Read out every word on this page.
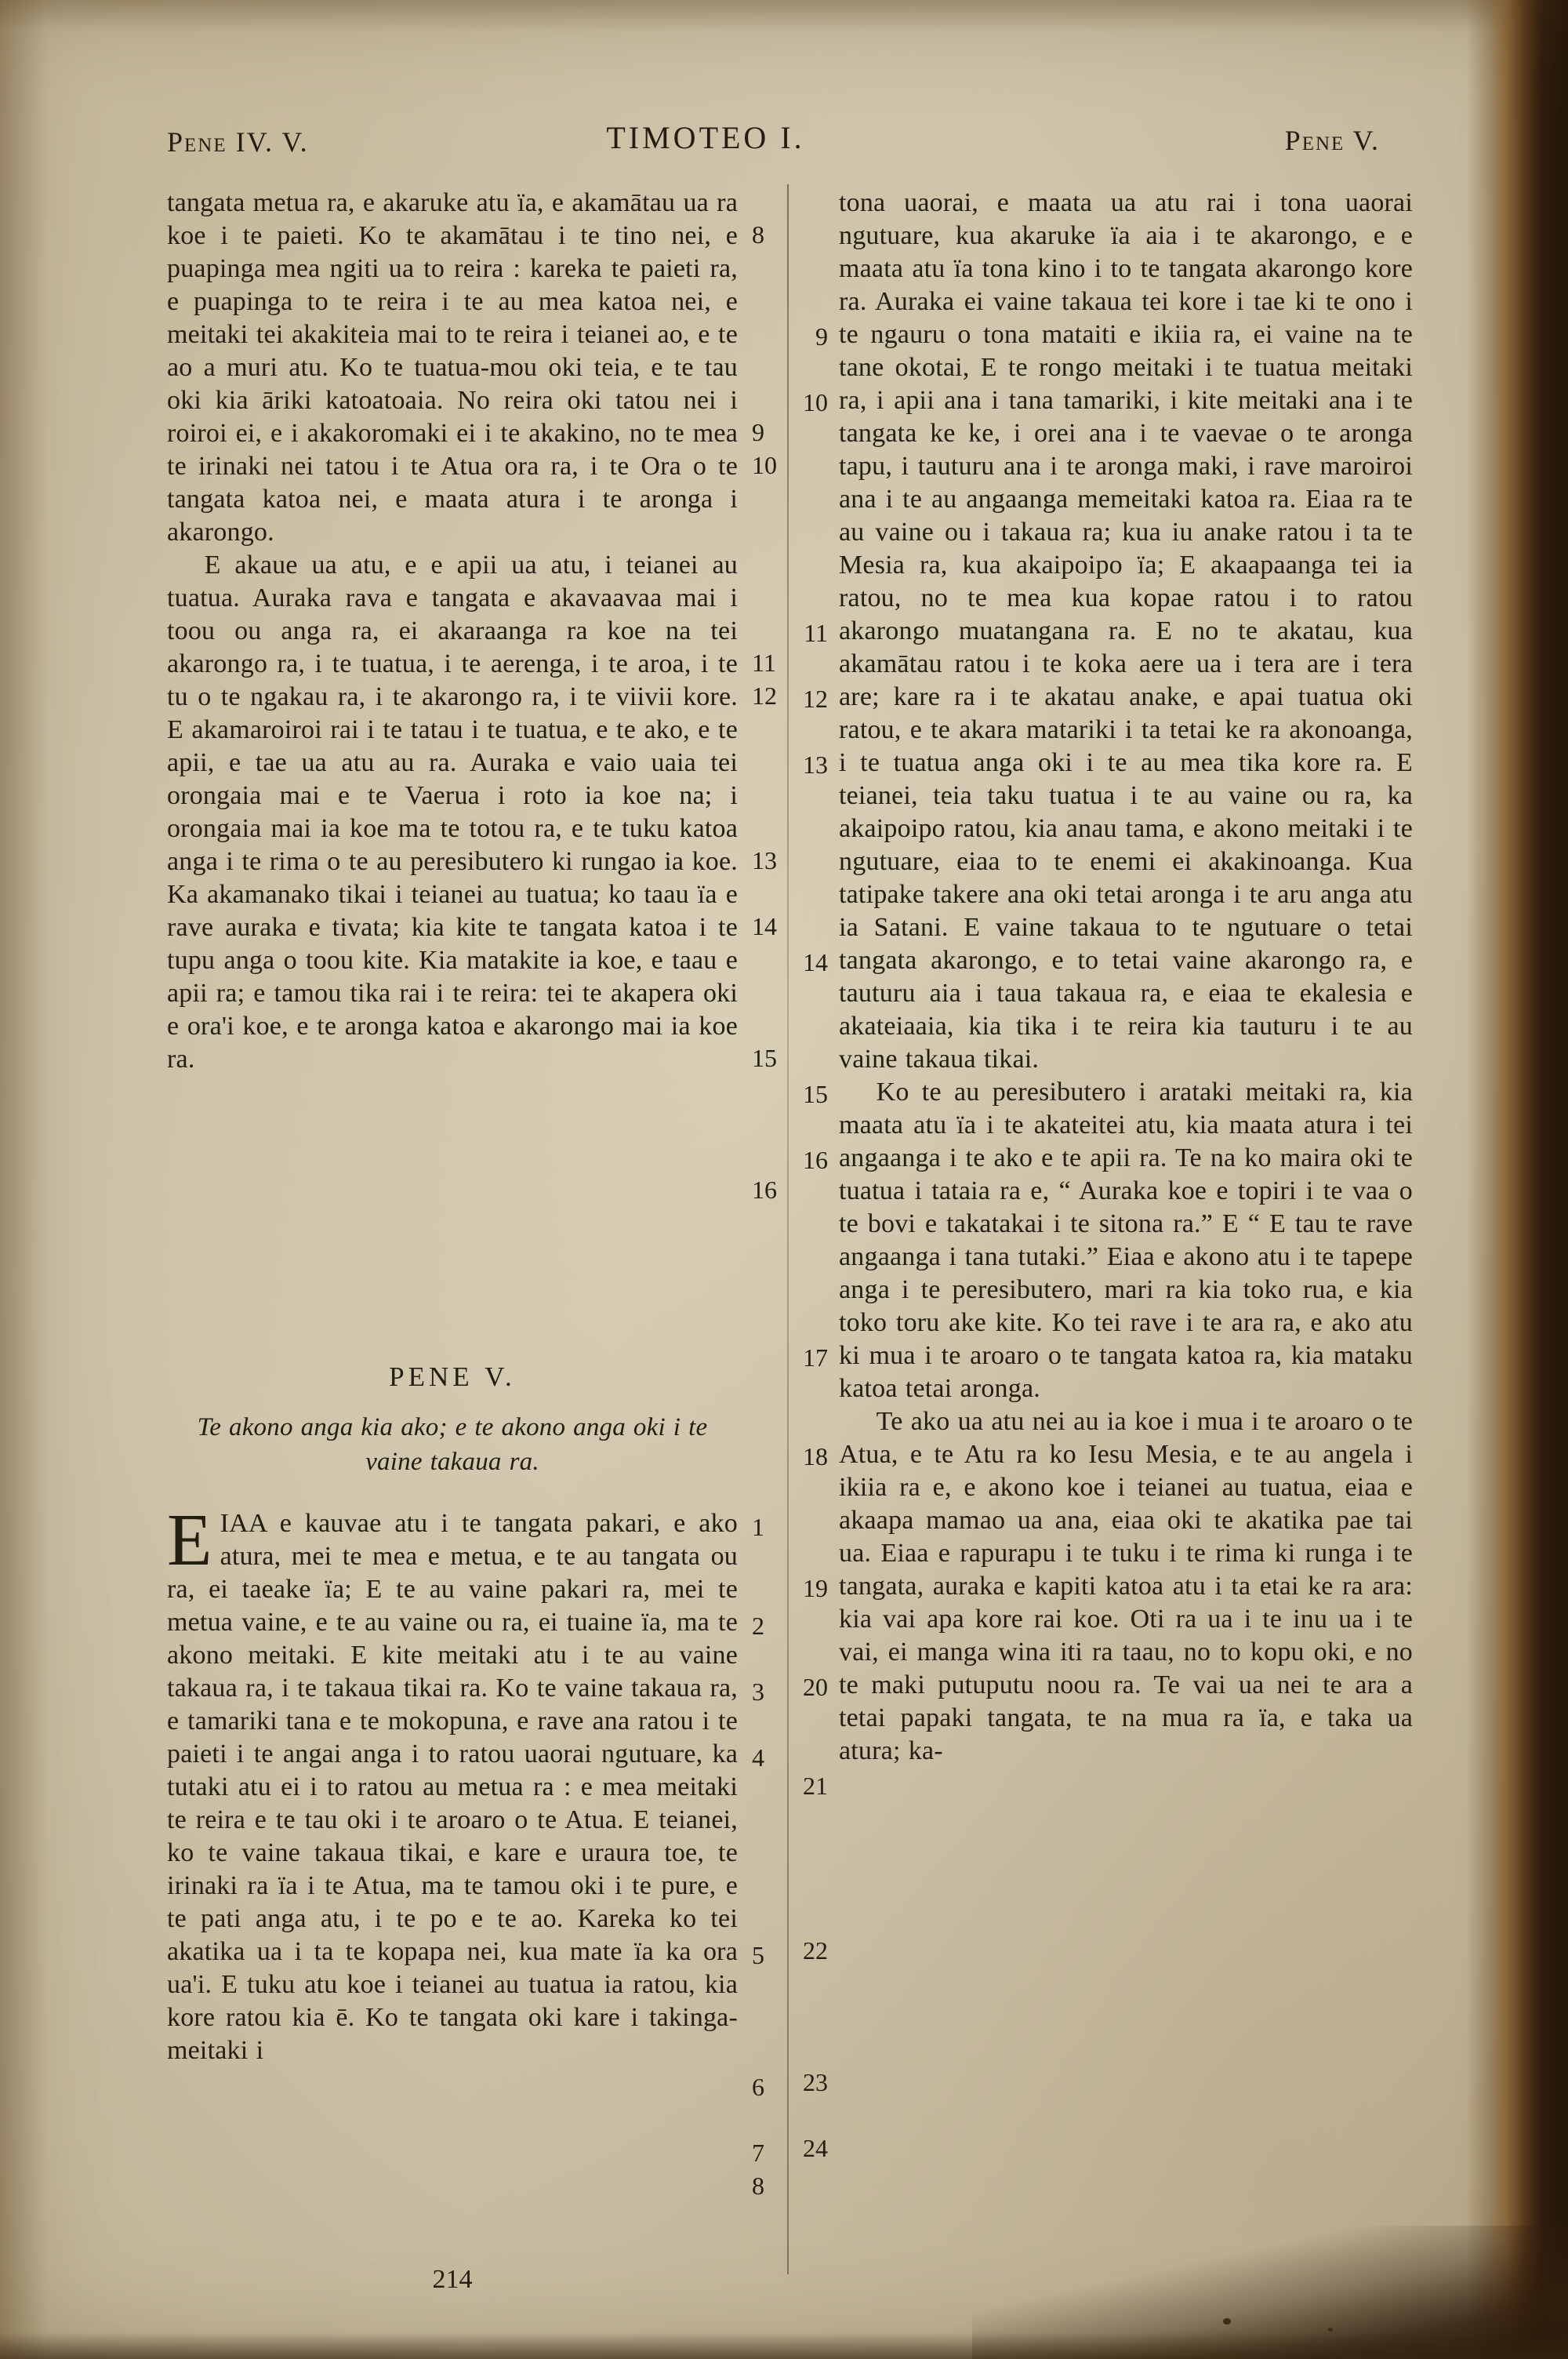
Pene IV. V.	TIMOTEO I.	Pene V.

tangata metua ra, e akaruke atu ïa, e akamātau ua ra koe i te paieti. Ko te akamātau i te tino nei, e puapinga mea ngiti ua to reira : kareka te paieti ra, e puapinga to te reira i te au mea katoa nei, e meitaki tei akakiteia mai to te reira i teianei ao, e te ao a muri atu. Ko te tuatua-mou oki teia, e te tau oki kia āriki katoatoaia. No reira oki tatou nei i roiroi ei, e i akakoromaki ei i te akakino, no te mea te irinaki nei tatou i te Atua ora ra, i te Ora o te tangata katoa nei, e maata atura i te aronga i akarongo.

E akaue ua atu, e e apii ua atu, i teianei au tuatua. Auraka rava e tangata e akavaavaa mai i toou ou anga ra, ei akaraanga ra koe na tei akarongo ra, i te tuatua, i te aerenga, i te aroa, i te tu o te ngakau ra, i te akarongo ra, i te viivii kore. E akamaroiroi rai i te tatau i te tuatua, e te ako, e te apii, e tae ua atu au ra. Auraka e vaio uaia tei orongaia mai e te Vaerua i roto ia koe na; i orongaia mai ia koe ma te totou ra, e te tuku katoa anga i te rima o te au peresibutero ki rungao ia koe. Ka akamanako tikai i teianei au tuatua; ko taau ïa e rave auraka e tivata; kia kite te tangata katoa i te tupu anga o toou kite. Kia matakite ia koe, e taau e apii ra; e tamou tika rai i te reira: tei te akapera oki e ora'i koe, e te aronga katoa e akarongo mai ia koe ra.

PENE V.
Te akono anga kia ako; e te akono anga oki i te vaine takaua ra.

EIAA e kauvae atu i te tangata pakari, e ako atura, mei te mea e metua, e te au tangata ou ra, ei taeake ïa; E te au vaine pakari ra, mei te metua vaine, e te au vaine ou ra, ei tuaine ïa, ma te akono meitaki. E kite meitaki atu i te au vaine takaua ra, i te takaua tikai ra. Ko te vaine takaua ra, e tamariki tana e te mokopuna, e rave ana ratou i te paieti i te angai anga i to ratou uaorai ngutuare, ka tutaki atu ei i to ratou au metua ra : e mea meitaki te reira e te tau oki i te aroaro o te Atua. E teianei, ko te vaine takaua tikai, e kare e uraura toe, te irinaki ra ïa i te Atua, ma te tamou oki i te pure, e te pati anga atu, i te po e te ao. Kareka ko tei akatika ua i ta te kopapa nei, kua mate ïa ka ora ua'i. E tuku atu koe i teianei au tuatua ia ratou, kia kore ratou kia ē. Ko te tangata oki kare i takinga-meitaki i

8
9
10
11
12
13
14
15
16
1
2
3
4
5
6
7
8

tona uaorai, e maata ua atu rai i tona uaorai ngutuare, kua akaruke ïa aia i te akarongo, e e maata atu ïa tona kino i to te tangata akarongo kore ra. Auraka ei vaine takaua tei kore i tae ki te ono i te ngauru o tona mataiti e ikiia ra, ei vaine na te tane okotai, E te rongo meitaki i te tuatua meitaki ra, i apii ana i tana tamariki, i kite meitaki ana i te tangata ke ke, i orei ana i te vaevae o te aronga tapu, i tauturu ana i te aronga maki, i rave maroiroi ana i te au angaanga memeitaki katoa ra. Eiaa ra te au vaine ou i takaua ra; kua iu anake ratou i ta te Mesia ra, kua akaipoipo ïa; E akaapaanga tei ia ratou, no te mea kua kopae ratou i to ratou akarongo muatangana ra. E no te akatau, kua akamātau ratou i te koka aere ua i tera are i tera are; kare ra i te akatau anake, e apai tuatua oki ratou, e te akara matariki i ta tetai ke ra akonoanga, i te tuatua anga oki i te au mea tika kore ra. E teianei, teia taku tuatua i te au vaine ou ra, ka akaipoipo ratou, kia anau tama, e akono meitaki i te ngutuare, eiaa to te enemi ei akakinoanga. Kua tatipake takere ana oki tetai aronga i te aru anga atu ia Satani. E vaine takaua to te ngutuare o tetai tangata akarongo, e to tetai vaine akarongo ra, e tauturu aia i taua takaua ra, e eiaa te ekalesia e akateiaaia, kia tika i te reira kia tauturu i te au vaine takaua tikai.

Ko te au peresibutero i arataki meitaki ra, kia maata atu ïa i te akateitei atu, kia maata atura i tei angaanga i te ako e te apii ra. Te na ko maira oki te tuatua i tataia ra e, “ Auraka koe e topiri i te vaa o te bovi e takatakai i te sitona ra.” E “ E tau te rave angaanga i tana tutaki.” Eiaa e akono atu i te tapepe anga i te peresibutero, mari ra kia toko rua, e kia toko toru ake kite. Ko tei rave i te ara ra, e ako atu ki mua i te aroaro o te tangata katoa ra, kia mataku katoa tetai aronga.

Te ako ua atu nei au ia koe i mua i te aroaro o te Atua, e te Atu ra ko Iesu Mesia, e te au angela i ikiia ra e, e akono koe i teianei au tuatua, eiaa e akaapa mamao ua ana, eiaa oki te akatika pae tai ua. Eiaa e rapurapu i te tuku i te rima ki runga i te tangata, auraka e kapiti katoa atu i ta etai ke ra ara: kia vai apa kore rai koe. Oti ra ua i te inu ua i te vai, ei manga wina iti ra taau, no to kopu oki, e no te maki putuputu noou ra. Te vai ua nei te ara a tetai papaki tangata, te na mua ra ïa, e taka ua atura; ka-

9
10
11
12
13
14
15
16
17
18
19
20
21
22
23
24
214
